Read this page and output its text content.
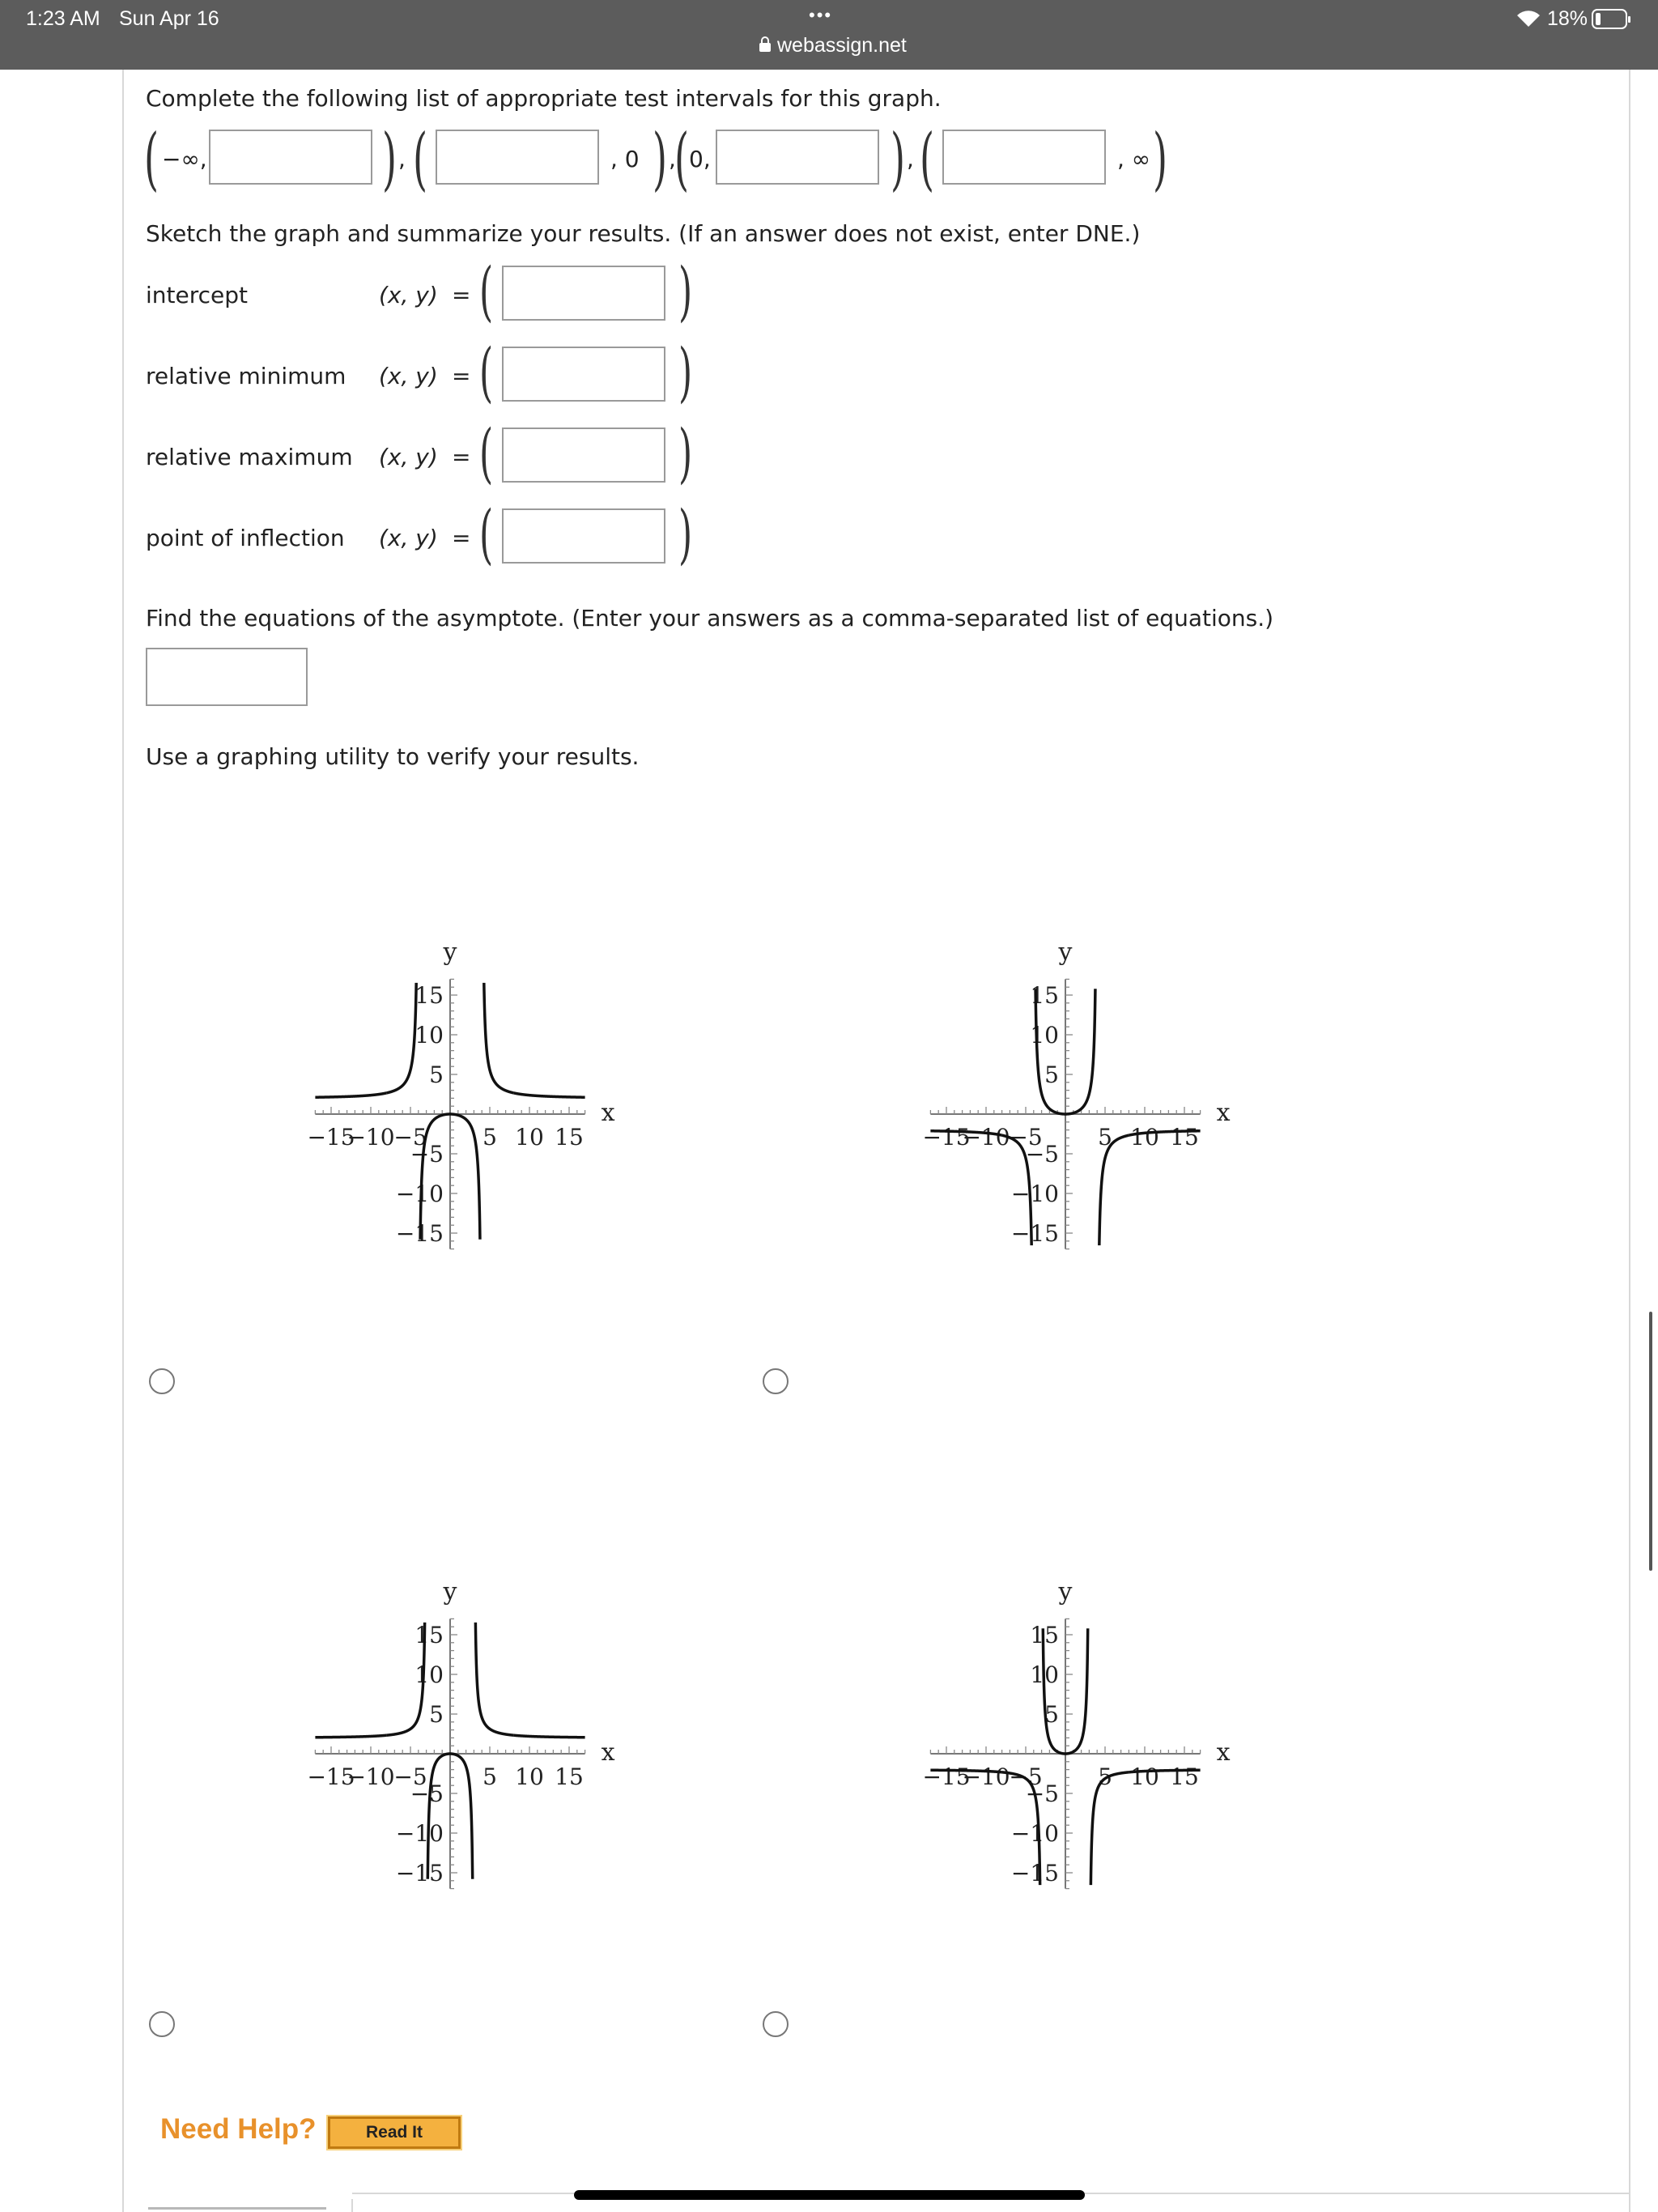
1:23 AM Sun Apr 16	•••
webassign.net
18%
Complete the following list of appropriate test intervals for this graph.
( −∞,	) , (	, 0 ) ,
( 0,	) , (	, ∞ )
Sketch the graph and summarize your results. (If an answer does not exist, enter DNE.)
intercept	(x, y) = (	)
relative minimum (x, y) = (	)
relative maximum (x, y) = (	)
point of inflection (x, y) = (	)
Find the equations of the asymptote. (Enter your answers as a comma-separated list of equations.)
Use a graphing utility to verify your results.
−15
−10
−5 5 10 15
15
10
5
−5
−10
−15
x
y
−15
−10
−5 5 10 15
15
10
5
−5
−10
−15
x
y
−15
−10
−5 5 10 15
15
10
5
−5
−10
−15
x
y
−15
−10
−5 5 10 15
15
10
5
−5
−10
−15
x
y
Need Help?	Read It
